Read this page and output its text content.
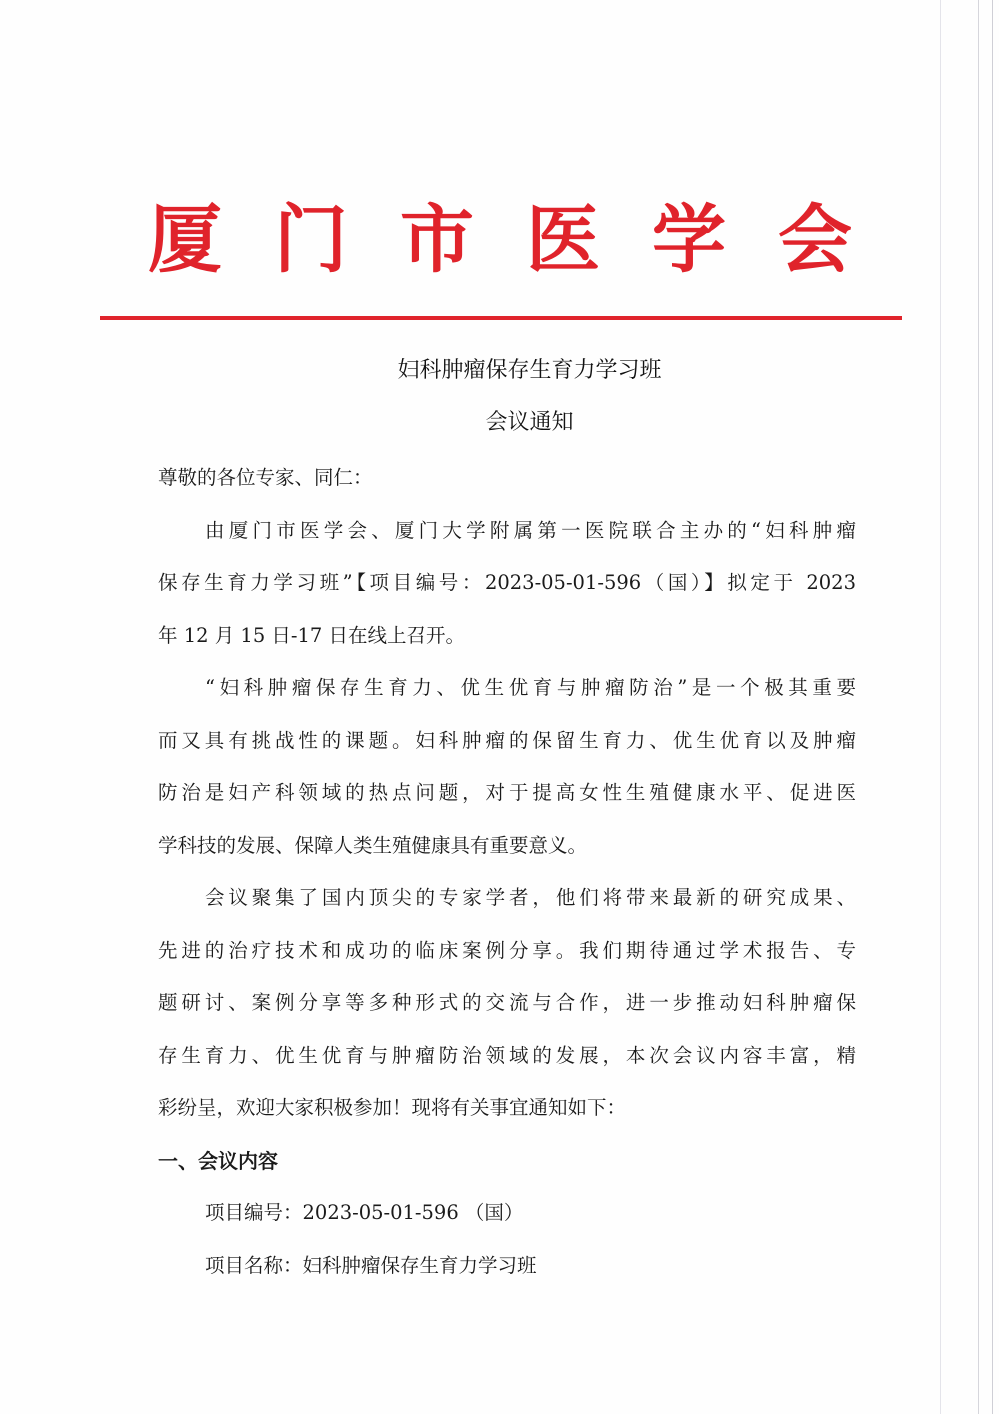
厦 门 市 医 学 会
妇科肿瘤保存生育力学习班
会议通知
尊敬的各位专家、同仁：
由厦门市医学会、厦门大学附属第一医院联合主办的“妇科肿瘤
保存生育力学习班”【项目编号：2023-05-01-596（国）】拟定于 2023
年 12 月 15 日-17 日在线上召开。
“妇科肿瘤保存生育力、优生优育与肿瘤防治”是一个极其重要
而又具有挑战性的课题。妇科肿瘤的保留生育力、优生优育以及肿瘤
防治是妇产科领域的热点问题，对于提高女性生殖健康水平、促进医
学科技的发展、保障人类生殖健康具有重要意义。
会议聚集了国内顶尖的专家学者，他们将带来最新的研究成果、
先进的治疗技术和成功的临床案例分享。我们期待通过学术报告、专
题研讨、案例分享等多种形式的交流与合作，进一步推动妇科肿瘤保
存生育力、优生优育与肿瘤防治领域的发展，本次会议内容丰富，精
彩纷呈，欢迎大家积极参加！现将有关事宜通知如下：
一、会议内容
项目编号：2023-05-01-596 （国）
项目名称：妇科肿瘤保存生育力学习班
